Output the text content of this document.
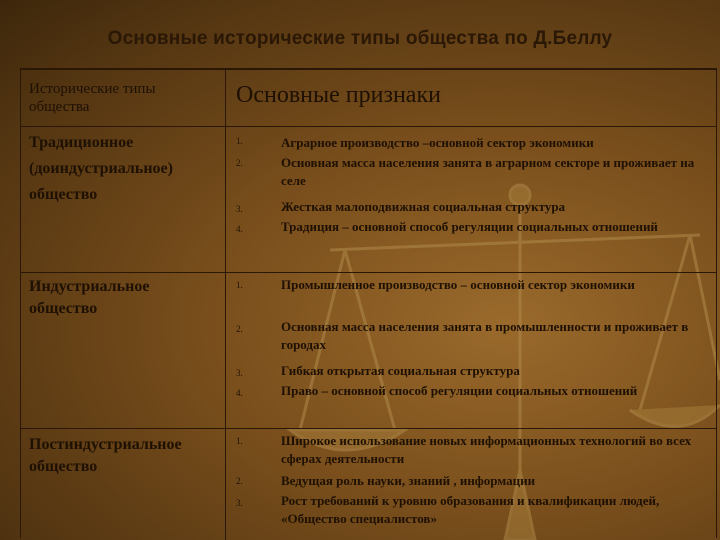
Основные исторические типы общества по Д.Беллу
Исторические типы
общества	Основные признаки
Традиционное
(доиндустриальное)
общество
1.	Аграрное производство –основной сектор экономики
2.	Основная масса населения занята в аграрном секторе и проживает на селе
3.	Жесткая малоподвижная социальная структура
4.	Традиция – основной способ регуляции социальных отношений
Индустриальное
общество
1.	Промышленное производство – основной сектор экономики
2.	Основная масса населения занята в промышленности и проживает в городах
3.	Гибкая открытая социальная структура
4.	Право – основной способ регуляции социальных отношений
Постиндустриальное
общество
1.	Широкое использование новых информационных технологий во всех сферах деятельности
2.	Ведущая роль науки, знаний , информации
3.	Рост требований к уровню образования и квалификации людей, «Общество специалистов»
